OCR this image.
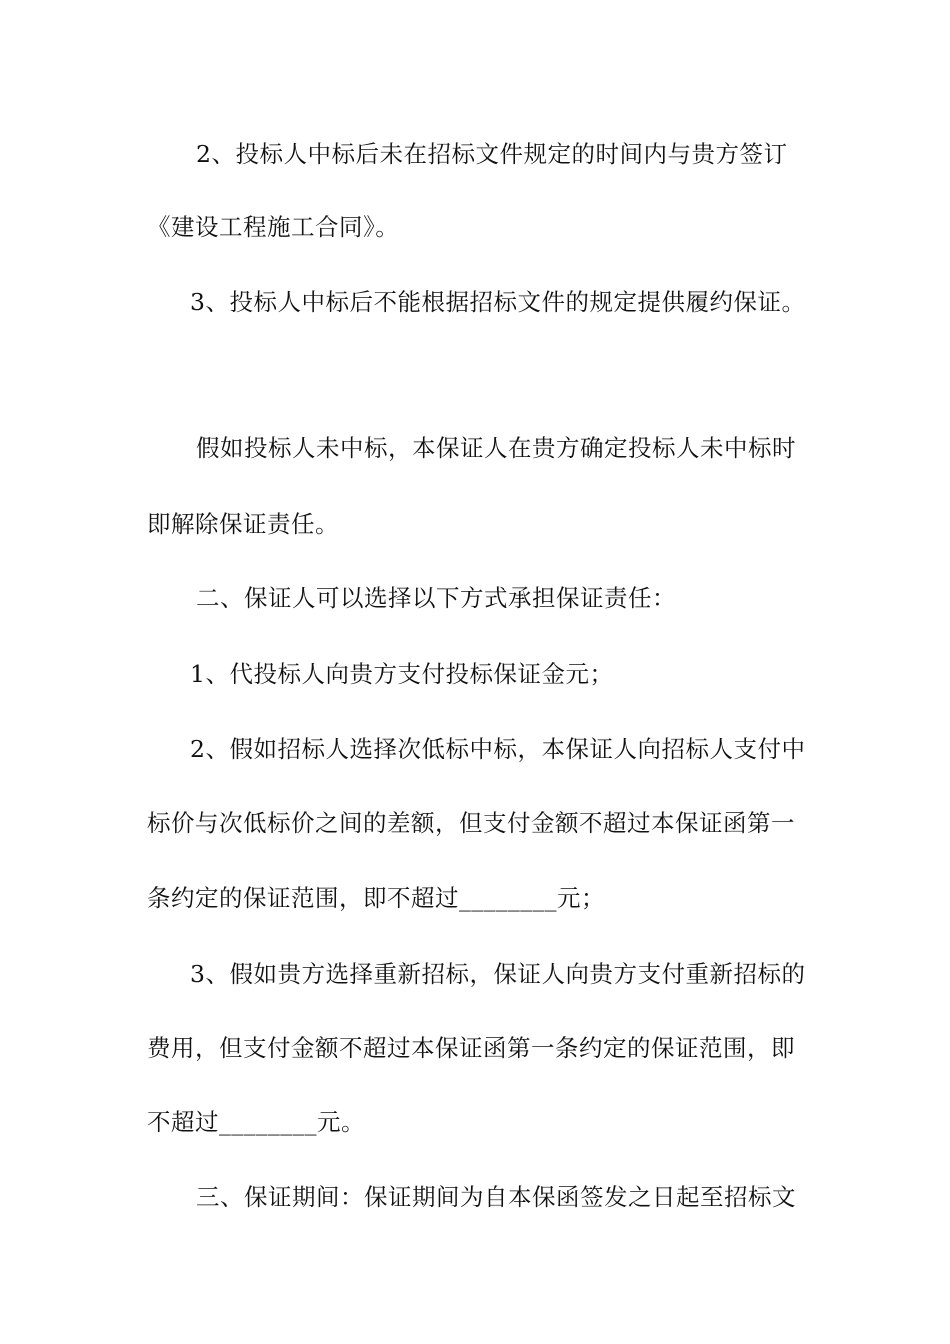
2、投标人中标后未在招标文件规定的时间内与贵方签订
《建设工程施工合同》。
3、投标人中标后不能根据招标文件的规定提供履约保证。
假如投标人未中标，本保证人在贵方确定投标人未中标时
即解除保证责任。
二、保证人可以选择以下方式承担保证责任：
1、代投标人向贵方支付投标保证金元；
2、假如招标人选择次低标中标，本保证人向招标人支付中
标价与次低标价之间的差额，但支付金额不超过本保证函第一
条约定的保证范围，即不超过________元；
3、假如贵方选择重新招标，保证人向贵方支付重新招标的
费用，但支付金额不超过本保证函第一条约定的保证范围，即
不超过________元。
三、保证期间：保证期间为自本保函签发之日起至招标文
